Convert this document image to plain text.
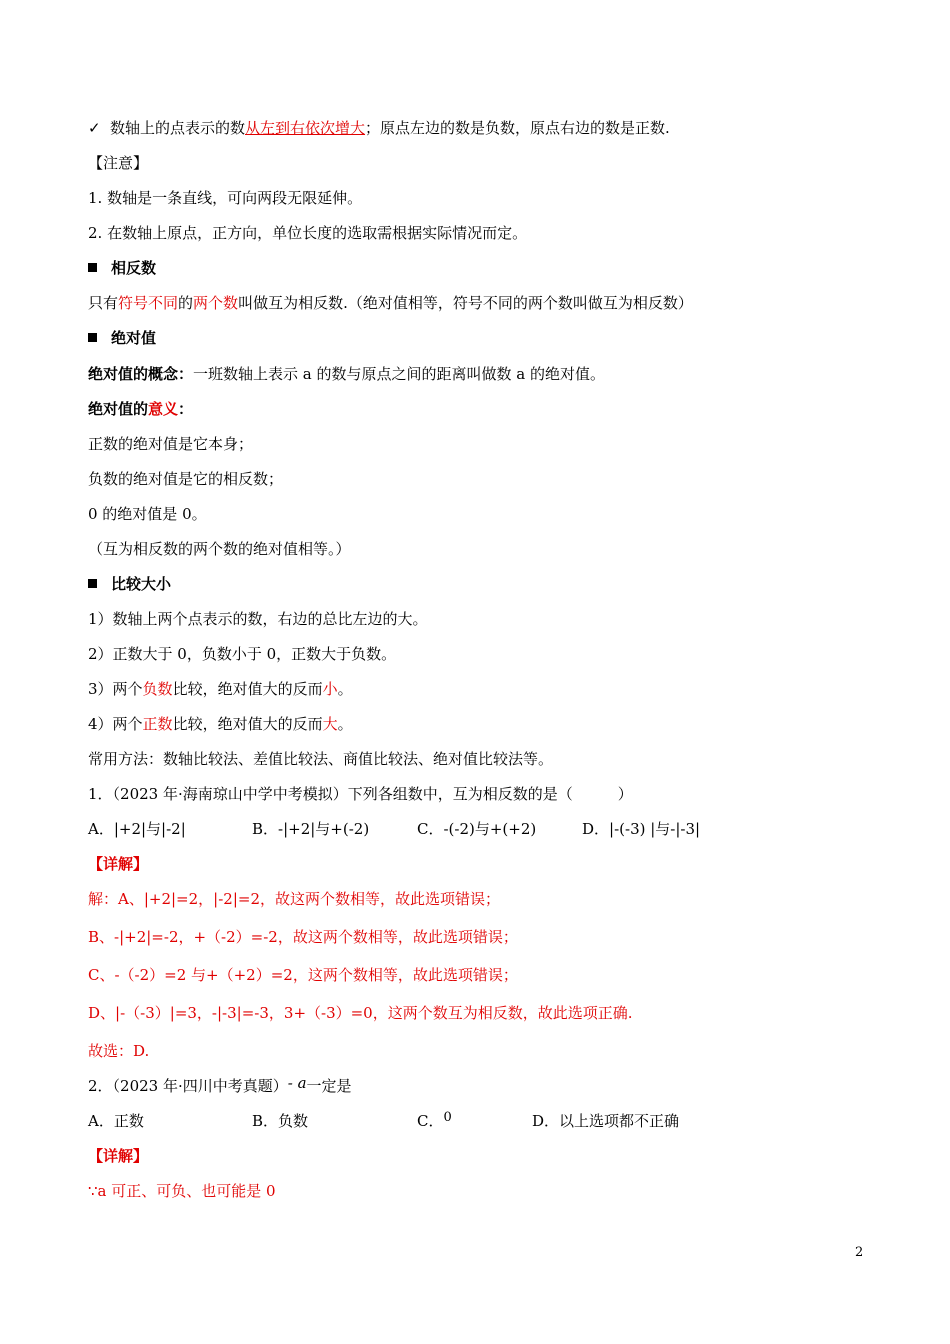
✓ 数轴上的点表示的数从左到右依次增大；原点左边的数是负数，原点右边的数是正数.
【注意】
1. 数轴是一条直线，可向两段无限延伸。
2. 在数轴上原点，正方向，单位长度的选取需根据实际情况而定。
相反数
只有符号不同的两个数叫做互为相反数.（绝对值相等，符号不同的两个数叫做互为相反数）
绝对值
绝对值的概念：一班数轴上表示 a 的数与原点之间的距离叫做数 a 的绝对值。
绝对值的意义：
正数的绝对值是它本身；
负数的绝对值是它的相反数；
0 的绝对值是 0。
（互为相反数的两个数的绝对值相等。）
比较大小
1）数轴上两个点表示的数，右边的总比左边的大。
2）正数大于 0，负数小于 0，正数大于负数。
3）两个负数比较，绝对值大的反而小。
4）两个正数比较，绝对值大的反而大。
常用方法：数轴比较法、差值比较法、商值比较法、绝对值比较法等。
1．（2023 年·海南琼山中学中考模拟）下列各组数中，互为相反数的是（　　　）
A．|+2|与|-2|	B．-|+2|与+(-2)	C．-(-2)与+(+2)	D．|-(-3) |与-|-3|
【详解】
解：A、|+2|=2，|-2|=2，故这两个数相等，故此选项错误；
B、-|+2|=-2，+（-2）=-2，故这两个数相等，故此选项错误；
C、-（-2）=2 与+（+2）=2，这两个数相等，故此选项错误；
D、|-（-3）|=3，-|-3|=-3，3+（-3）=0，这两个数互为相反数，故此选项正确.
故选：D.
2．（2023 年·四川中考真题）- a一定是
A．正数	B．负数	C．0	D．以上选项都不正确
【详解】
∵a 可正、可负、也可能是 0
2
